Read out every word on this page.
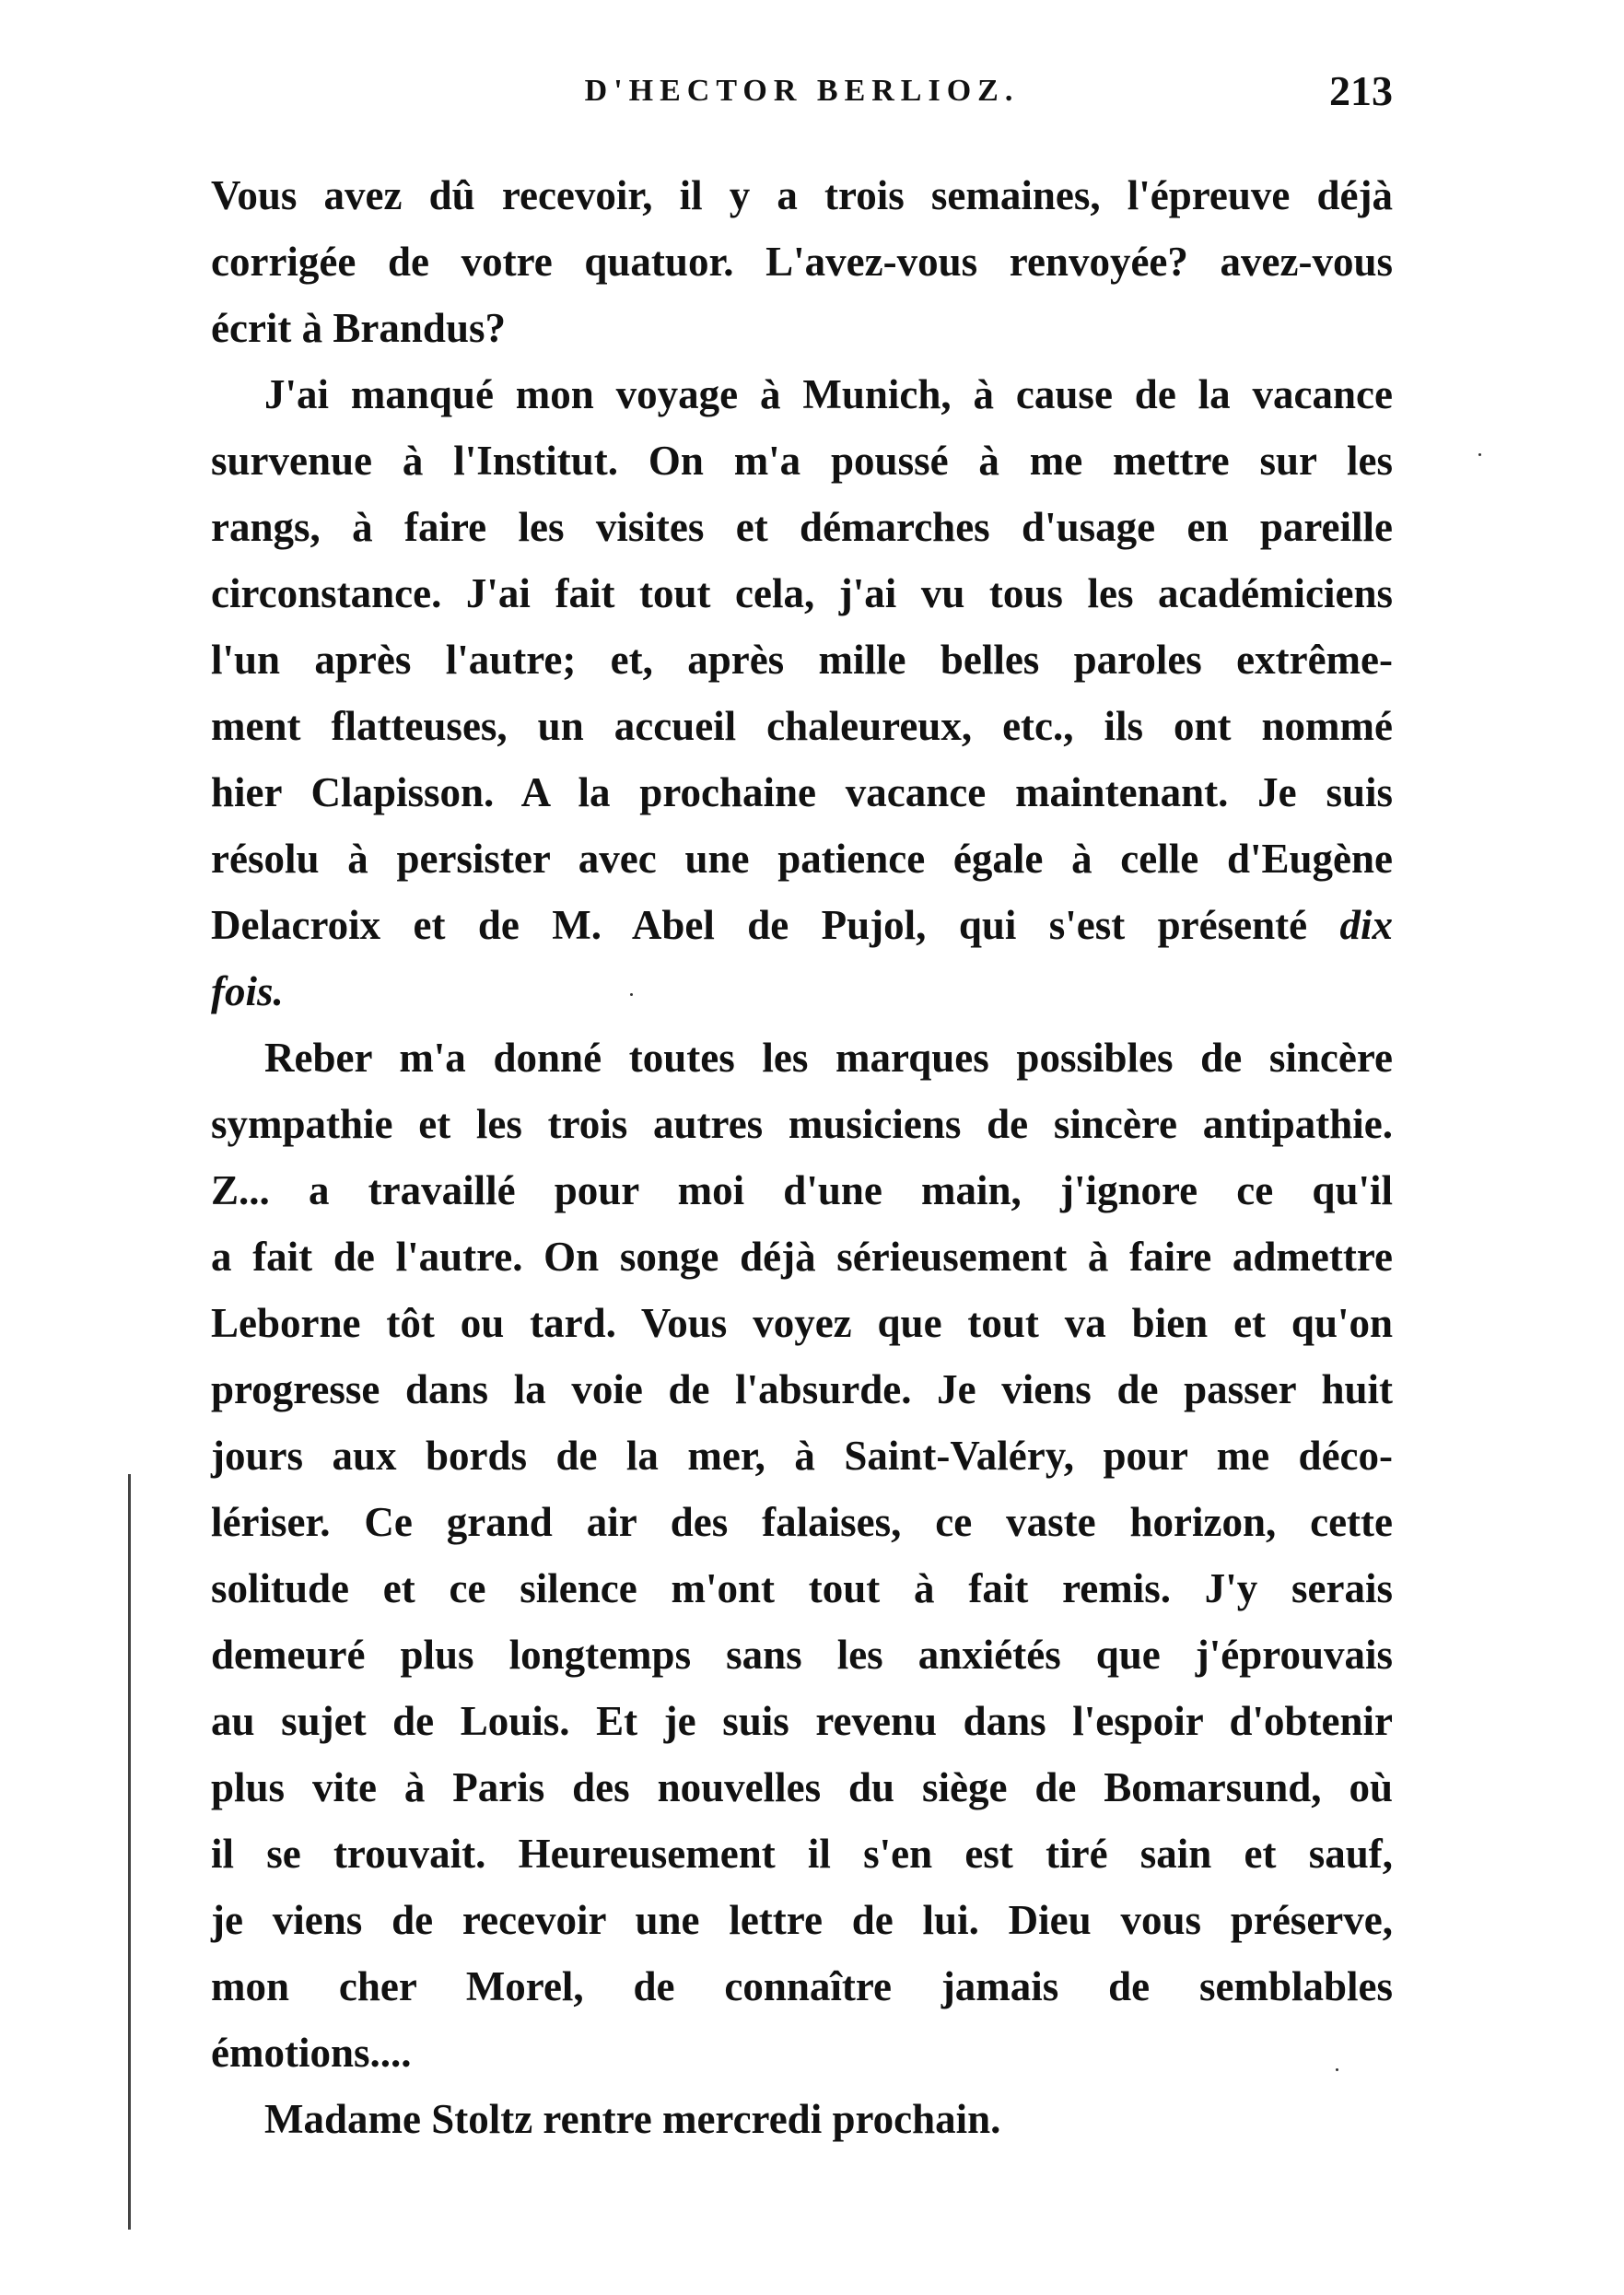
D'HECTOR BERLIOZ.	213
Vous avez dû recevoir, il y a trois semaines, l'épreuve déjà
corrigée de votre quatuor. L'avez-vous renvoyée? avez-vous
écrit à Brandus?
J'ai manqué mon voyage à Munich, à cause de la vacance
survenue à l'Institut. On m'a poussé à me mettre sur les
rangs, à faire les visites et démarches d'usage en pareille
circonstance. J'ai fait tout cela, j'ai vu tous les académiciens
l'un après l'autre; et, après mille belles paroles extrême-
ment flatteuses, un accueil chaleureux, etc., ils ont nommé
hier Clapisson. A la prochaine vacance maintenant. Je suis
résolu à persister avec une patience égale à celle d'Eugène
Delacroix et de M. Abel de Pujol, qui s'est présenté dix
fois.
Reber m'a donné toutes les marques possibles de sincère
sympathie et les trois autres musiciens de sincère antipathie.
Z... a travaillé pour moi d'une main, j'ignore ce qu'il
a fait de l'autre. On songe déjà sérieusement à faire admettre
Leborne tôt ou tard. Vous voyez que tout va bien et qu'on
progresse dans la voie de l'absurde. Je viens de passer huit
jours aux bords de la mer, à Saint-Valéry, pour me déco-
lériser. Ce grand air des falaises, ce vaste horizon, cette
solitude et ce silence m'ont tout à fait remis. J'y serais
demeuré plus longtemps sans les anxiétés que j'éprouvais
au sujet de Louis. Et je suis revenu dans l'espoir d'obtenir
plus vite à Paris des nouvelles du siège de Bomarsund, où
il se trouvait. Heureusement il s'en est tiré sain et sauf,
je viens de recevoir une lettre de lui. Dieu vous préserve,
mon cher Morel, de connaître jamais de semblables
émotions....
Madame Stoltz rentre mercredi prochain.
